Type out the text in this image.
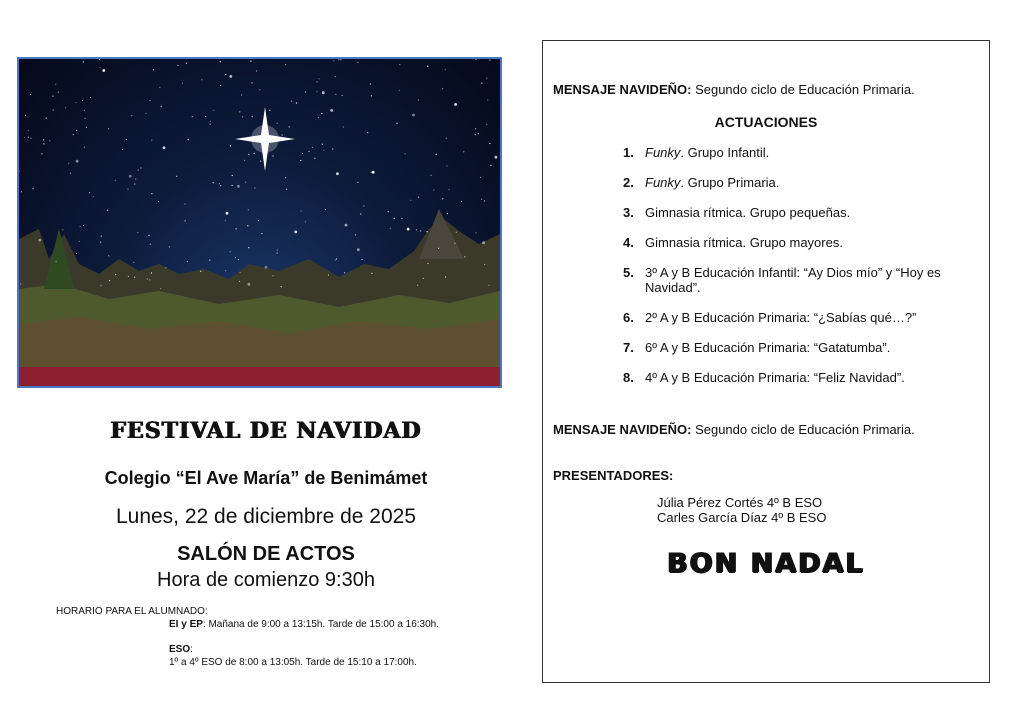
FESTIVAL DE NAVIDAD
Colegio “El Ave María” de Benimámet
Lunes, 22 de diciembre de 2025
SALÓN DE ACTOS
Hora de comienzo 9:30h
HORARIO PARA EL ALUMNADO:
EI y EP: Mañana de 9:00 a 13:15h. Tarde de 15:00 a 16:30h.
ESO:
1º a 4º ESO de 8:00 a 13:05h. Tarde de 15:10 a 17:00h.
MENSAJE NAVIDEÑO: Segundo ciclo de Educación Primaria.
ACTUACIONES
1. Funky. Grupo Infantil.
2. Funky. Grupo Primaria.
3. Gimnasia rítmica. Grupo pequeñas.
4. Gimnasia rítmica. Grupo mayores.
5. 3º A y B Educación Infantil: “Ay Dios mío” y “Hoy es Navidad”.
6. 2º A y B Educación Primaria: “¿Sabías qué…?”
7. 6º A y B Educación Primaria: “Gatatumba”.
8. 4º A y B Educación Primaria: “Feliz Navidad”.
MENSAJE NAVIDEÑO: Segundo ciclo de Educación Primaria.
PRESENTADORES:
Júlia Pérez Cortés 4º B ESO
Carles García Díaz 4º B ESO
BON NADAL
